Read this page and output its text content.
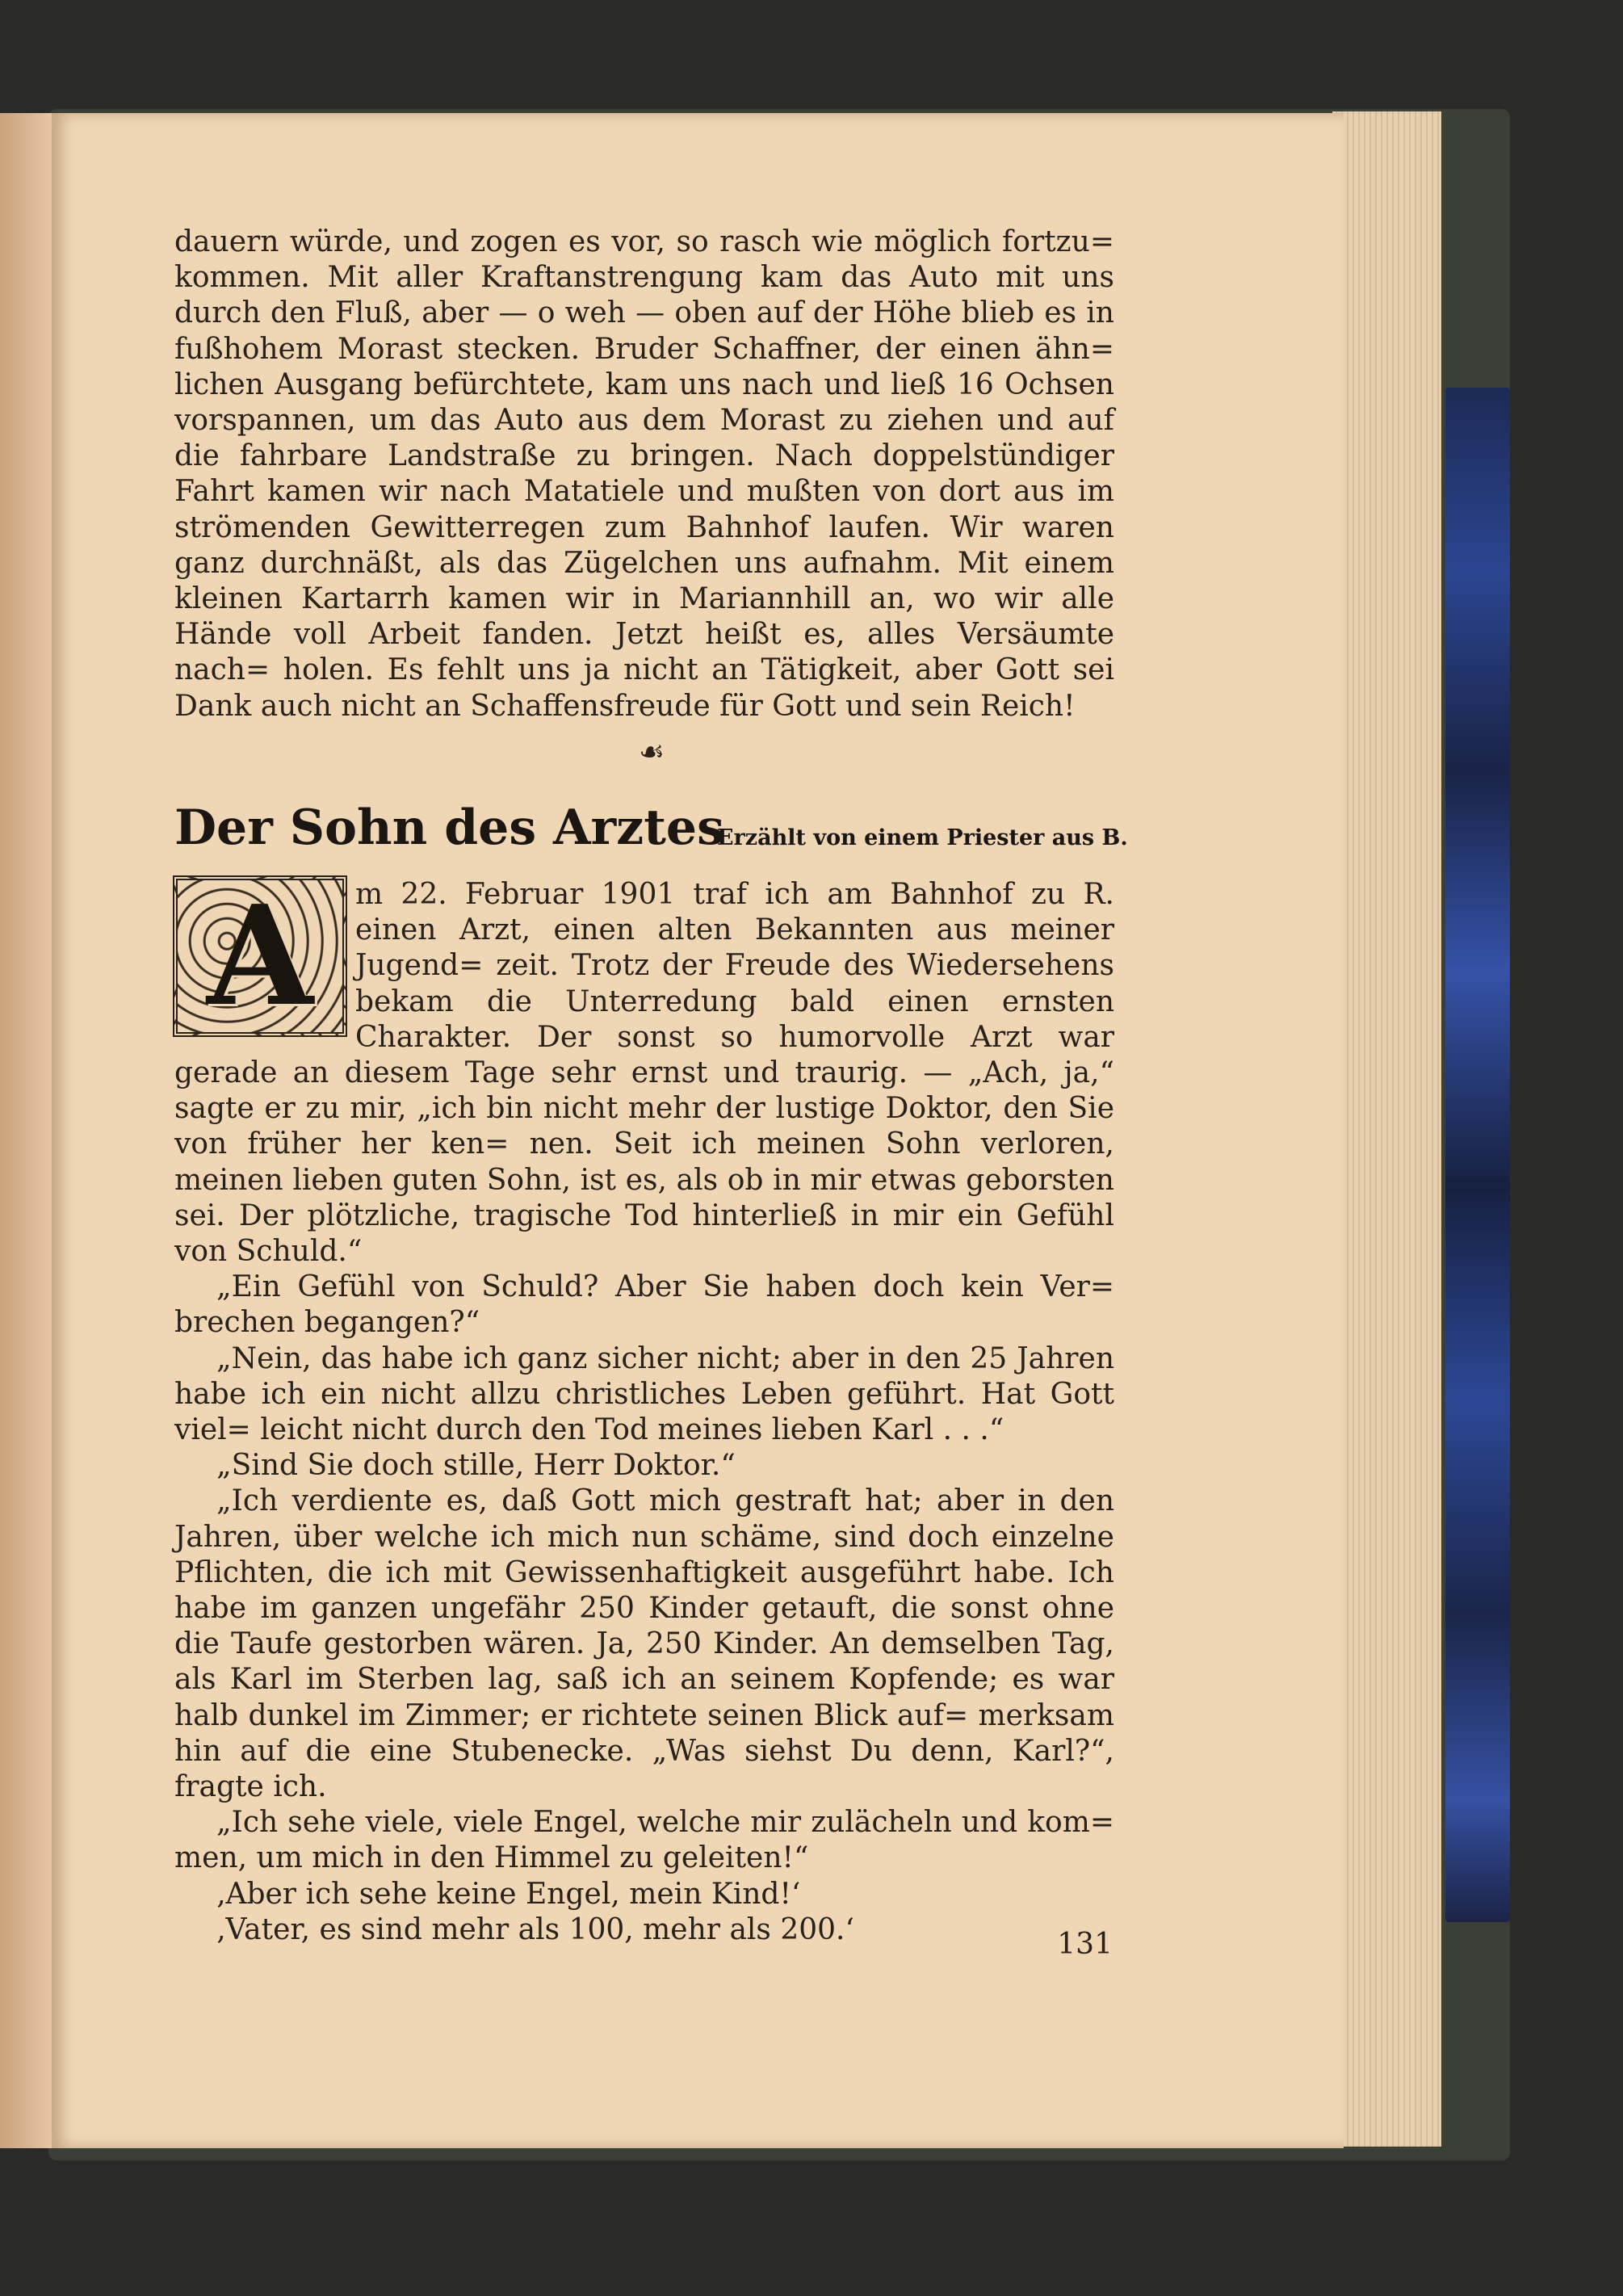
dauern würde, und zogen es vor, so rasch wie möglich fortzu= kommen. Mit aller Kraftanstrengung kam das Auto mit uns durch den Fluß, aber — o weh — oben auf der Höhe blieb es in fußhohem Morast stecken. Bruder Schaffner, der einen ähn= lichen Ausgang befürchtete, kam uns nach und ließ 16 Ochsen vorspannen, um das Auto aus dem Morast zu ziehen und auf die fahrbare Landstraße zu bringen. Nach doppelstündiger Fahrt kamen wir nach Matatiele und mußten von dort aus im strömenden Gewitterregen zum Bahnhof laufen. Wir waren ganz durchnäßt, als das Zügelchen uns aufnahm. Mit einem kleinen Kartarrh kamen wir in Mariannhill an, wo wir alle Hände voll Arbeit fanden. Jetzt heißt es, alles Versäumte nach= holen. Es fehlt uns ja nicht an Tätigkeit, aber Gott sei Dank auch nicht an Schaffensfreude für Gott und sein Reich!

☙
Der Sohn des Arztes
Erzählt von einem Priester aus B.
A	m 22. Februar 1901 traf ich am Bahnhof zu R. einen Arzt, einen alten Bekannten aus meiner Jugend= zeit. Trotz der Freude des Wiedersehens bekam die Unterredung bald einen ernsten Charakter. Der sonst so humorvolle Arzt war gerade an diesem Tage sehr ernst und traurig. — „Ach, ja,“ sagte er zu mir, „ich bin nicht mehr der lustige Doktor, den Sie von früher her ken= nen. Seit ich meinen Sohn verloren, meinen lieben guten Sohn, ist es, als ob in mir etwas geborsten sei. Der plötzliche, tragische Tod hinterließ in mir ein Gefühl von Schuld.“

„Ein Gefühl von Schuld? Aber Sie haben doch kein Ver= brechen begangen?“

„Nein, das habe ich ganz sicher nicht; aber in den 25 Jahren habe ich ein nicht allzu christliches Leben geführt. Hat Gott viel= leicht nicht durch den Tod meines lieben Karl . . .“

„Sind Sie doch stille, Herr Doktor.“

„Ich verdiente es, daß Gott mich gestraft hat; aber in den Jahren, über welche ich mich nun schäme, sind doch einzelne Pflichten, die ich mit Gewissenhaftigkeit ausgeführt habe. Ich habe im ganzen ungefähr 250 Kinder getauft, die sonst ohne die Taufe gestorben wären. Ja, 250 Kinder. An demselben Tag, als Karl im Sterben lag, saß ich an seinem Kopfende; es war halb dunkel im Zimmer; er richtete seinen Blick auf= merksam hin auf die eine Stubenecke. „Was siehst Du denn, Karl?“, fragte ich.

„Ich sehe viele, viele Engel, welche mir zulächeln und kom= men, um mich in den Himmel zu geleiten!“

‚Aber ich sehe keine Engel, mein Kind!‘

‚Vater, es sind mehr als 100, mehr als 200.‘	131
